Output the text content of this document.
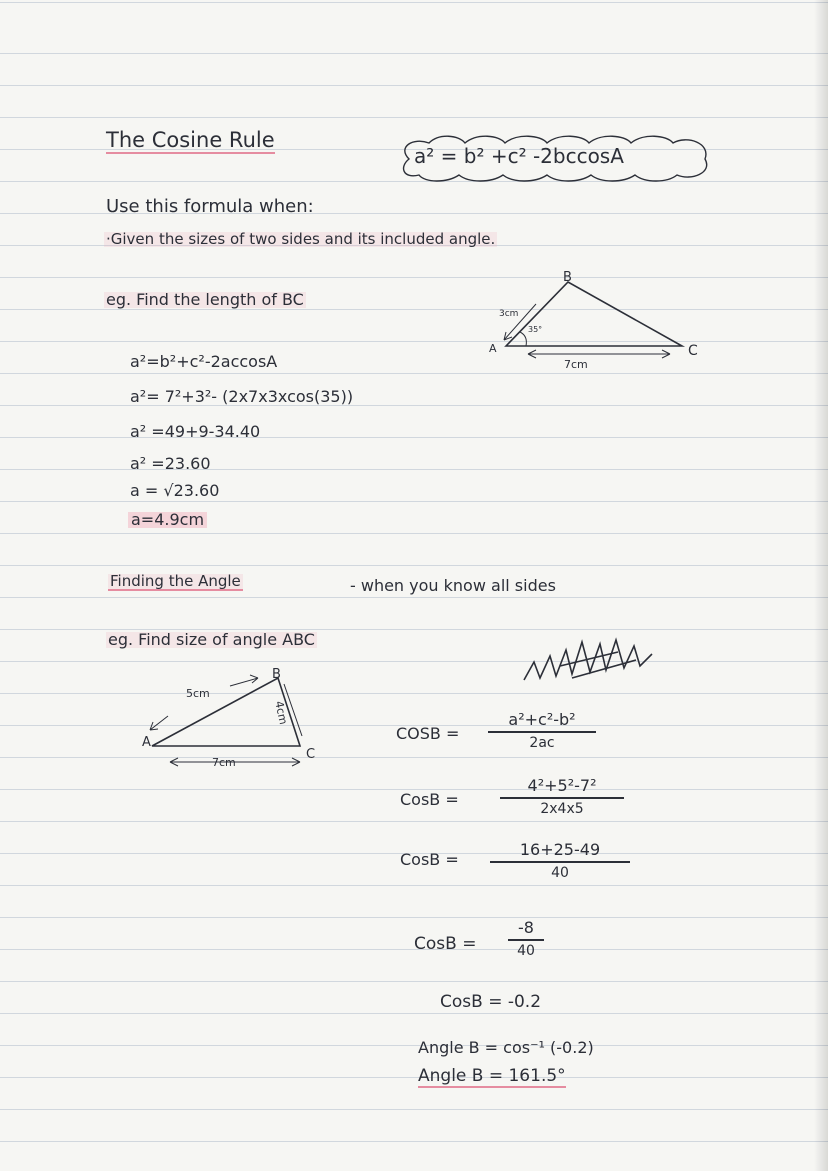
The Cosine Rule
a² = b² +c² -2bccosA
Use this formula when:
·Given the sizes of two sides and its included angle.
eg. Find the length of BC
B
A	C
3cm
35°
7cm
a²=b²+c²-2accosA
a²= 7²+3²- (2x7x3xcos(35))
a² =49+9-34.40
a² =23.60
a = √23.60
a=4.9cm
Finding the Angle	- when you know all sides
eg. Find size of angle ABC
A
B
C
5cm
7cm
4cm
COSB =
a²+c²-b²
2ac
CosB =
4²+5²-7²
2x4x5
CosB =
16+25-49
40
CosB =
-8
40
CosB = -0.2
Angle B = cos⁻¹ (-0.2)
Angle B = 161.5°
